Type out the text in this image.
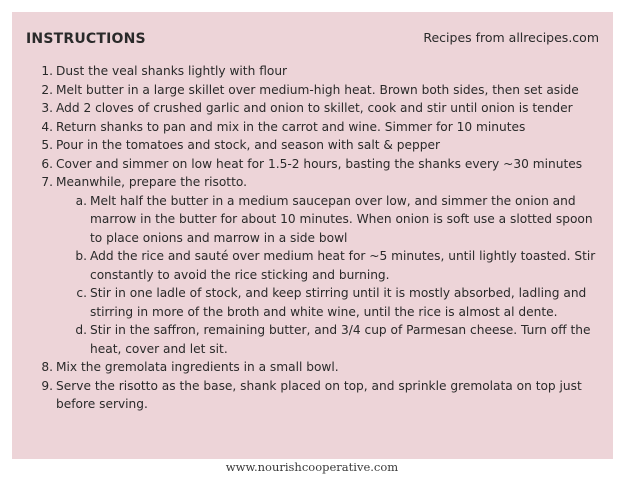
INSTRUCTIONS	Recipes from allrecipes.com
1. Dust the veal shanks lightly with flour
2. Melt butter in a large skillet over medium-high heat. Brown both sides, then set aside
3. Add 2 cloves of crushed garlic and onion to skillet, cook and stir until onion is tender
4. Return shanks to pan and mix in the carrot and wine. Simmer for 10 minutes
5. Pour in the tomatoes and stock, and season with salt & pepper
6. Cover and simmer on low heat for 1.5-2 hours, basting the shanks every ~30 minutes
7. Meanwhile, prepare the risotto.
a. Melt half the butter in a medium saucepan over low, and simmer the onion and marrow in the butter for about 10 minutes. When onion is soft use a slotted spoon to place onions and marrow in a side bowl
b. Add the rice and sauté over medium heat for ~5 minutes, until lightly toasted. Stir constantly to avoid the rice sticking and burning.
c. Stir in one ladle of stock, and keep stirring until it is mostly absorbed, ladling and stirring in more of the broth and white wine, until the rice is almost al dente.
d. Stir in the saffron, remaining butter, and 3/4 cup of Parmesan cheese. Turn off the heat, cover and let sit.
8. Mix the gremolata ingredients in a small bowl.
9. Serve the risotto as the base, shank placed on top, and sprinkle gremolata on top just before serving.
www.nourishcooperative.com
